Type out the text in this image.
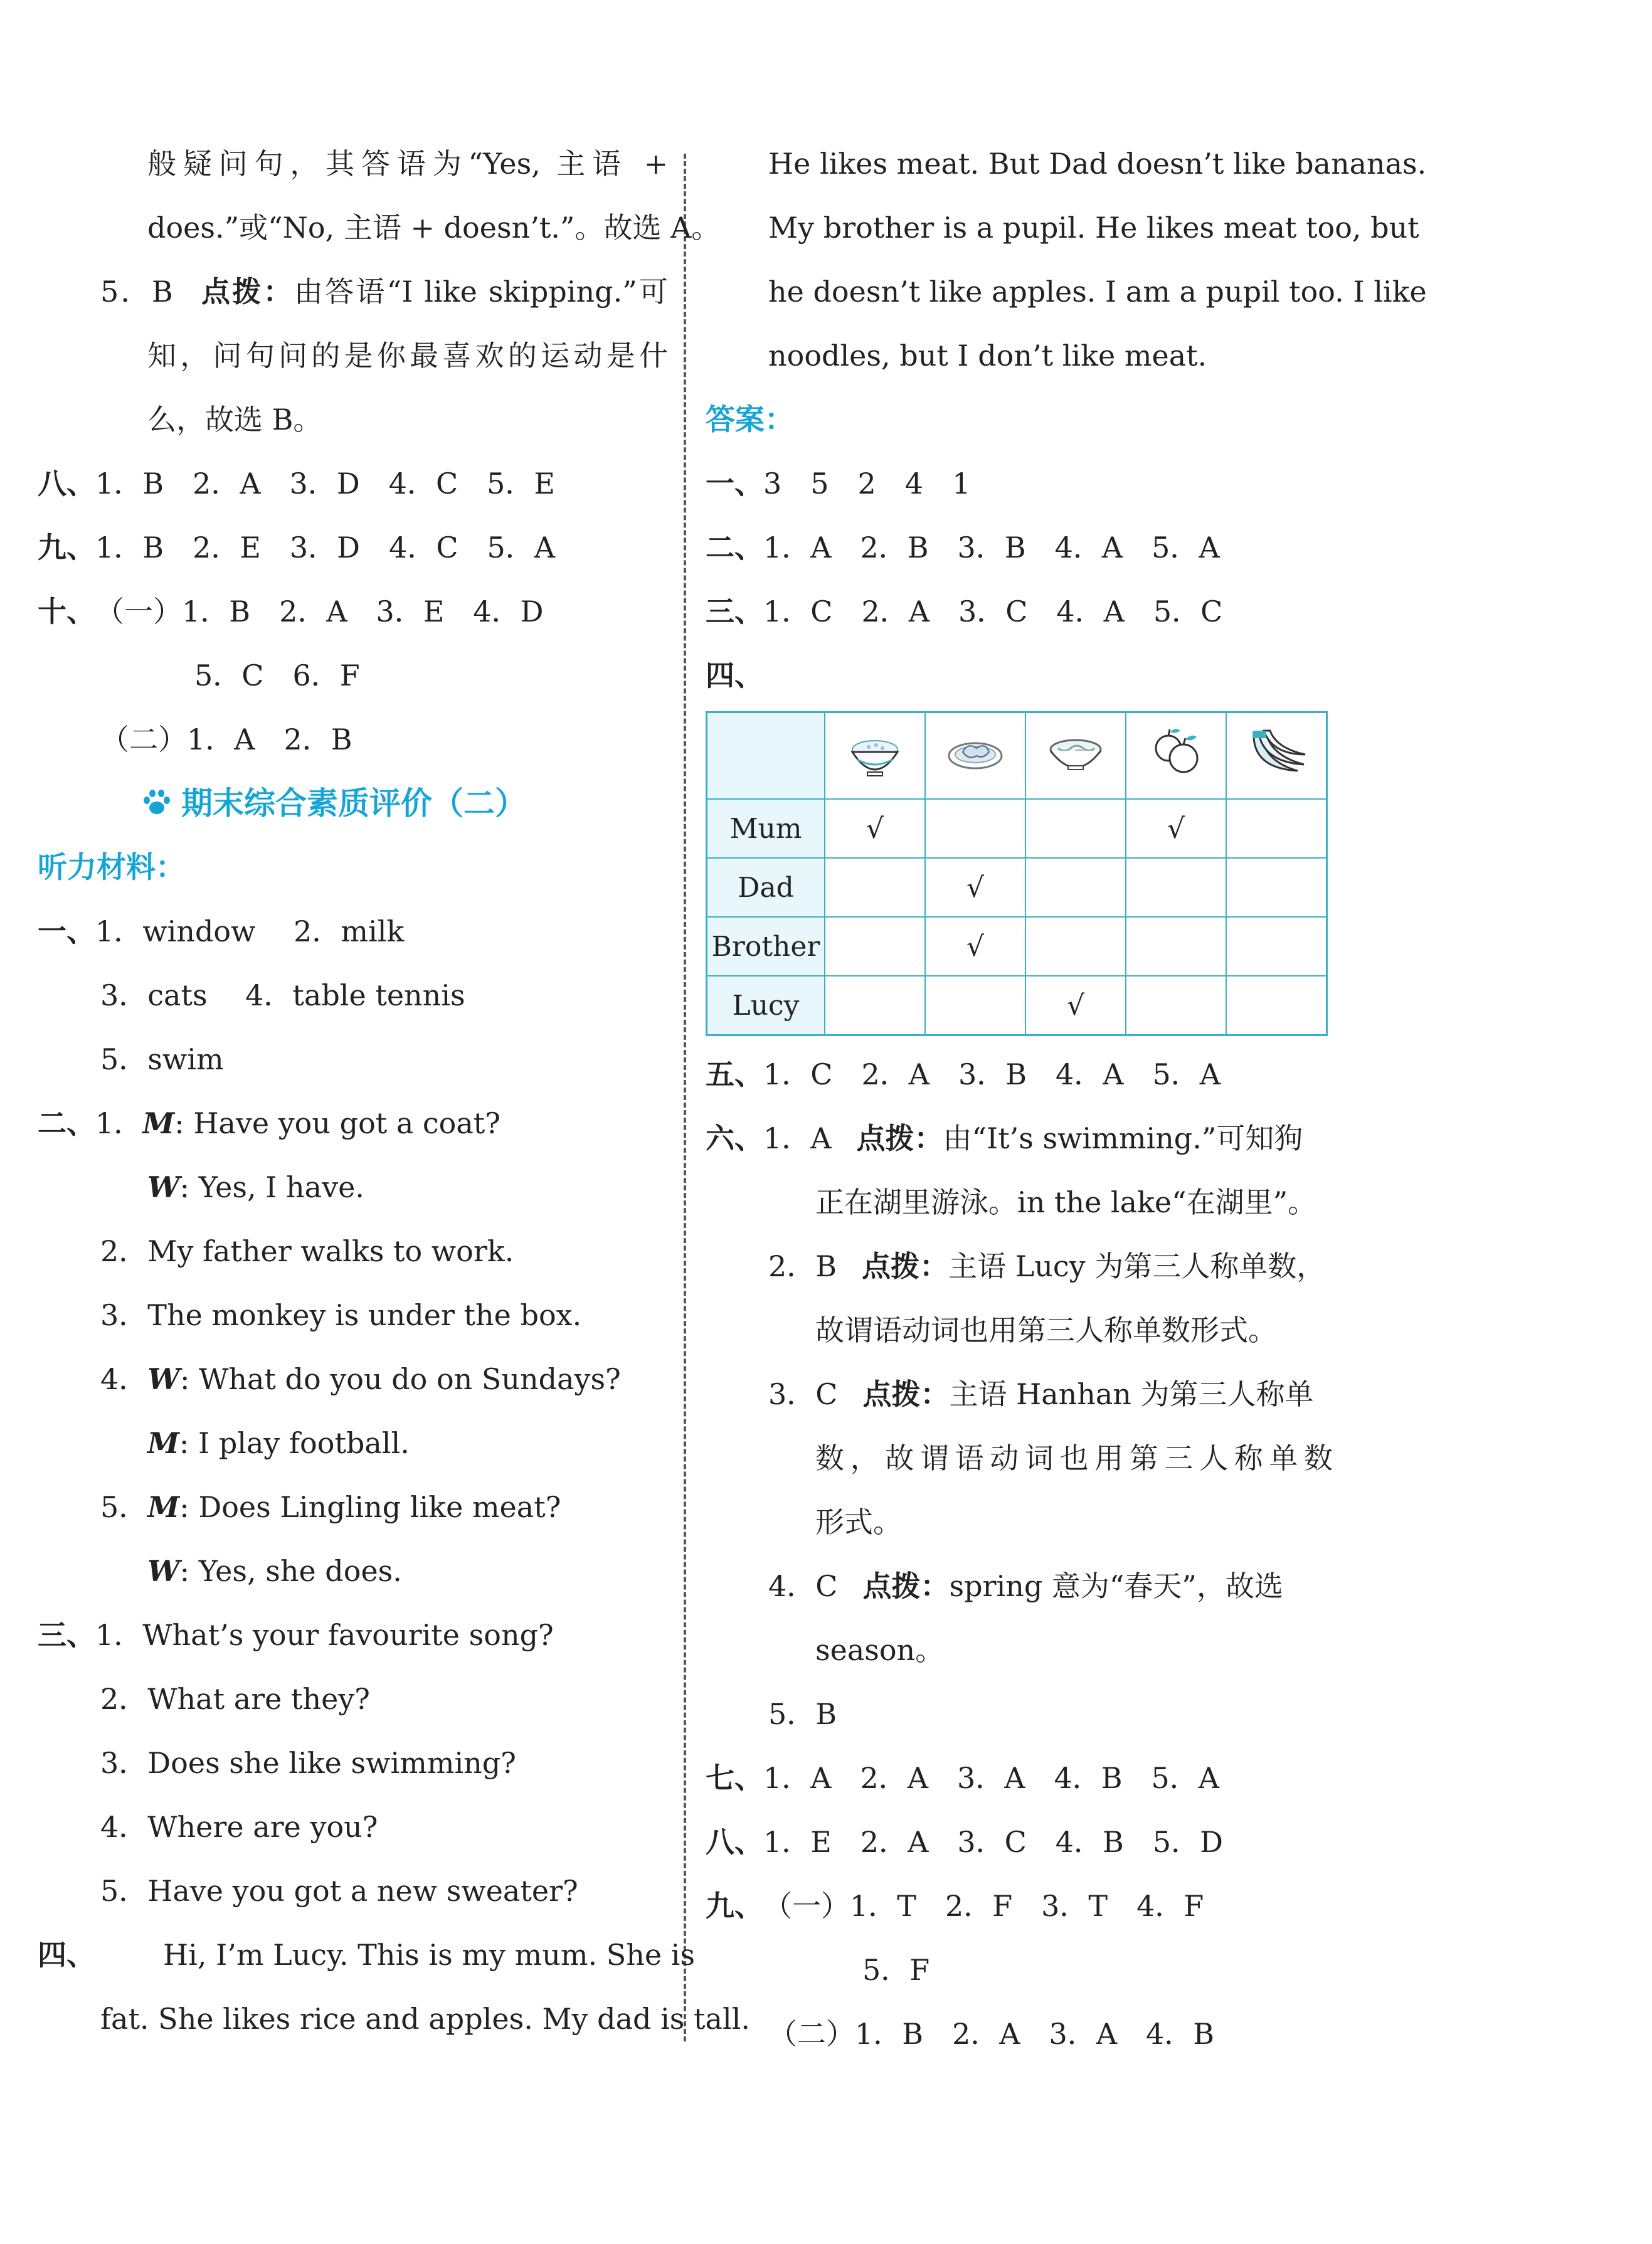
般疑问句，其答语为“Yes, 主语 +
does.”或“No, 主语 + doesn’t.”。故选 A。
5．B 点拨：由答语“I like skipping.”可
知，问句问的是你最喜欢的运动是什
么，故选 B。
八、1．B　2．A　3．D　4．C　5．E
九、1．B　2．E　3．D　4．C　5．A
十、（一）1．B　2．A　3．E　4．D
5．C　6．F
（二）1．A　2．B
期末综合素质评价（二）
听力材料：
一、1．window　 2．milk
3．cats　 4．table tennis
5．swim
二、1．M: Have you got a coat?
W: Yes, I have.
2．My father walks to work.
3．The monkey is under the box.
4．W: What do you do on Sundays?
M: I play football.
5．M: Does Lingling like meat?
W: Yes, she does.
三、1．What’s your favourite song?
2．What are they?
3．Does she like swimming?
4．Where are you?
5．Have you got a new sweater?
四、 Hi, I’m Lucy. This is my mum. She is
fat. She likes rice and apples. My dad is tall.
He likes meat. But Dad doesn’t like bananas.
My brother is a pupil. He likes meat too, but
he doesn’t like apples. I am a pupil too. I like
noodles, but I don’t like meat.
答案：
一、3　5　2　4　1
二、1．A　2．B　3．B　4．A　5．A
三、1．C　2．A　3．C　4．A　5．C
四、

Mum	√			√	
Dad		√			
Brother		√			
Lucy			√		
五、1．C　2．A　3．B　4．A　5．A
六、1．A 点拨：由“It’s swimming.”可知狗
正在湖里游泳。in the lake“在湖里”。
2．B 点拨：主语 Lucy 为第三人称单数，
故谓语动词也用第三人称单数形式。
3．C 点拨：主语 Hanhan 为第三人称单
数，故谓语动词也用第三人称单数
形式。
4．C 点拨：spring 意为“春天”，故选
season。
5．B
七、1．A　2．A　3．A　4．B　5．A
八、1．E　2．A　3．C　4．B　5．D
九、（一）1．T　2．F　3．T　4．F
5．F
（二）1．B　2．A　3．A　4．B
